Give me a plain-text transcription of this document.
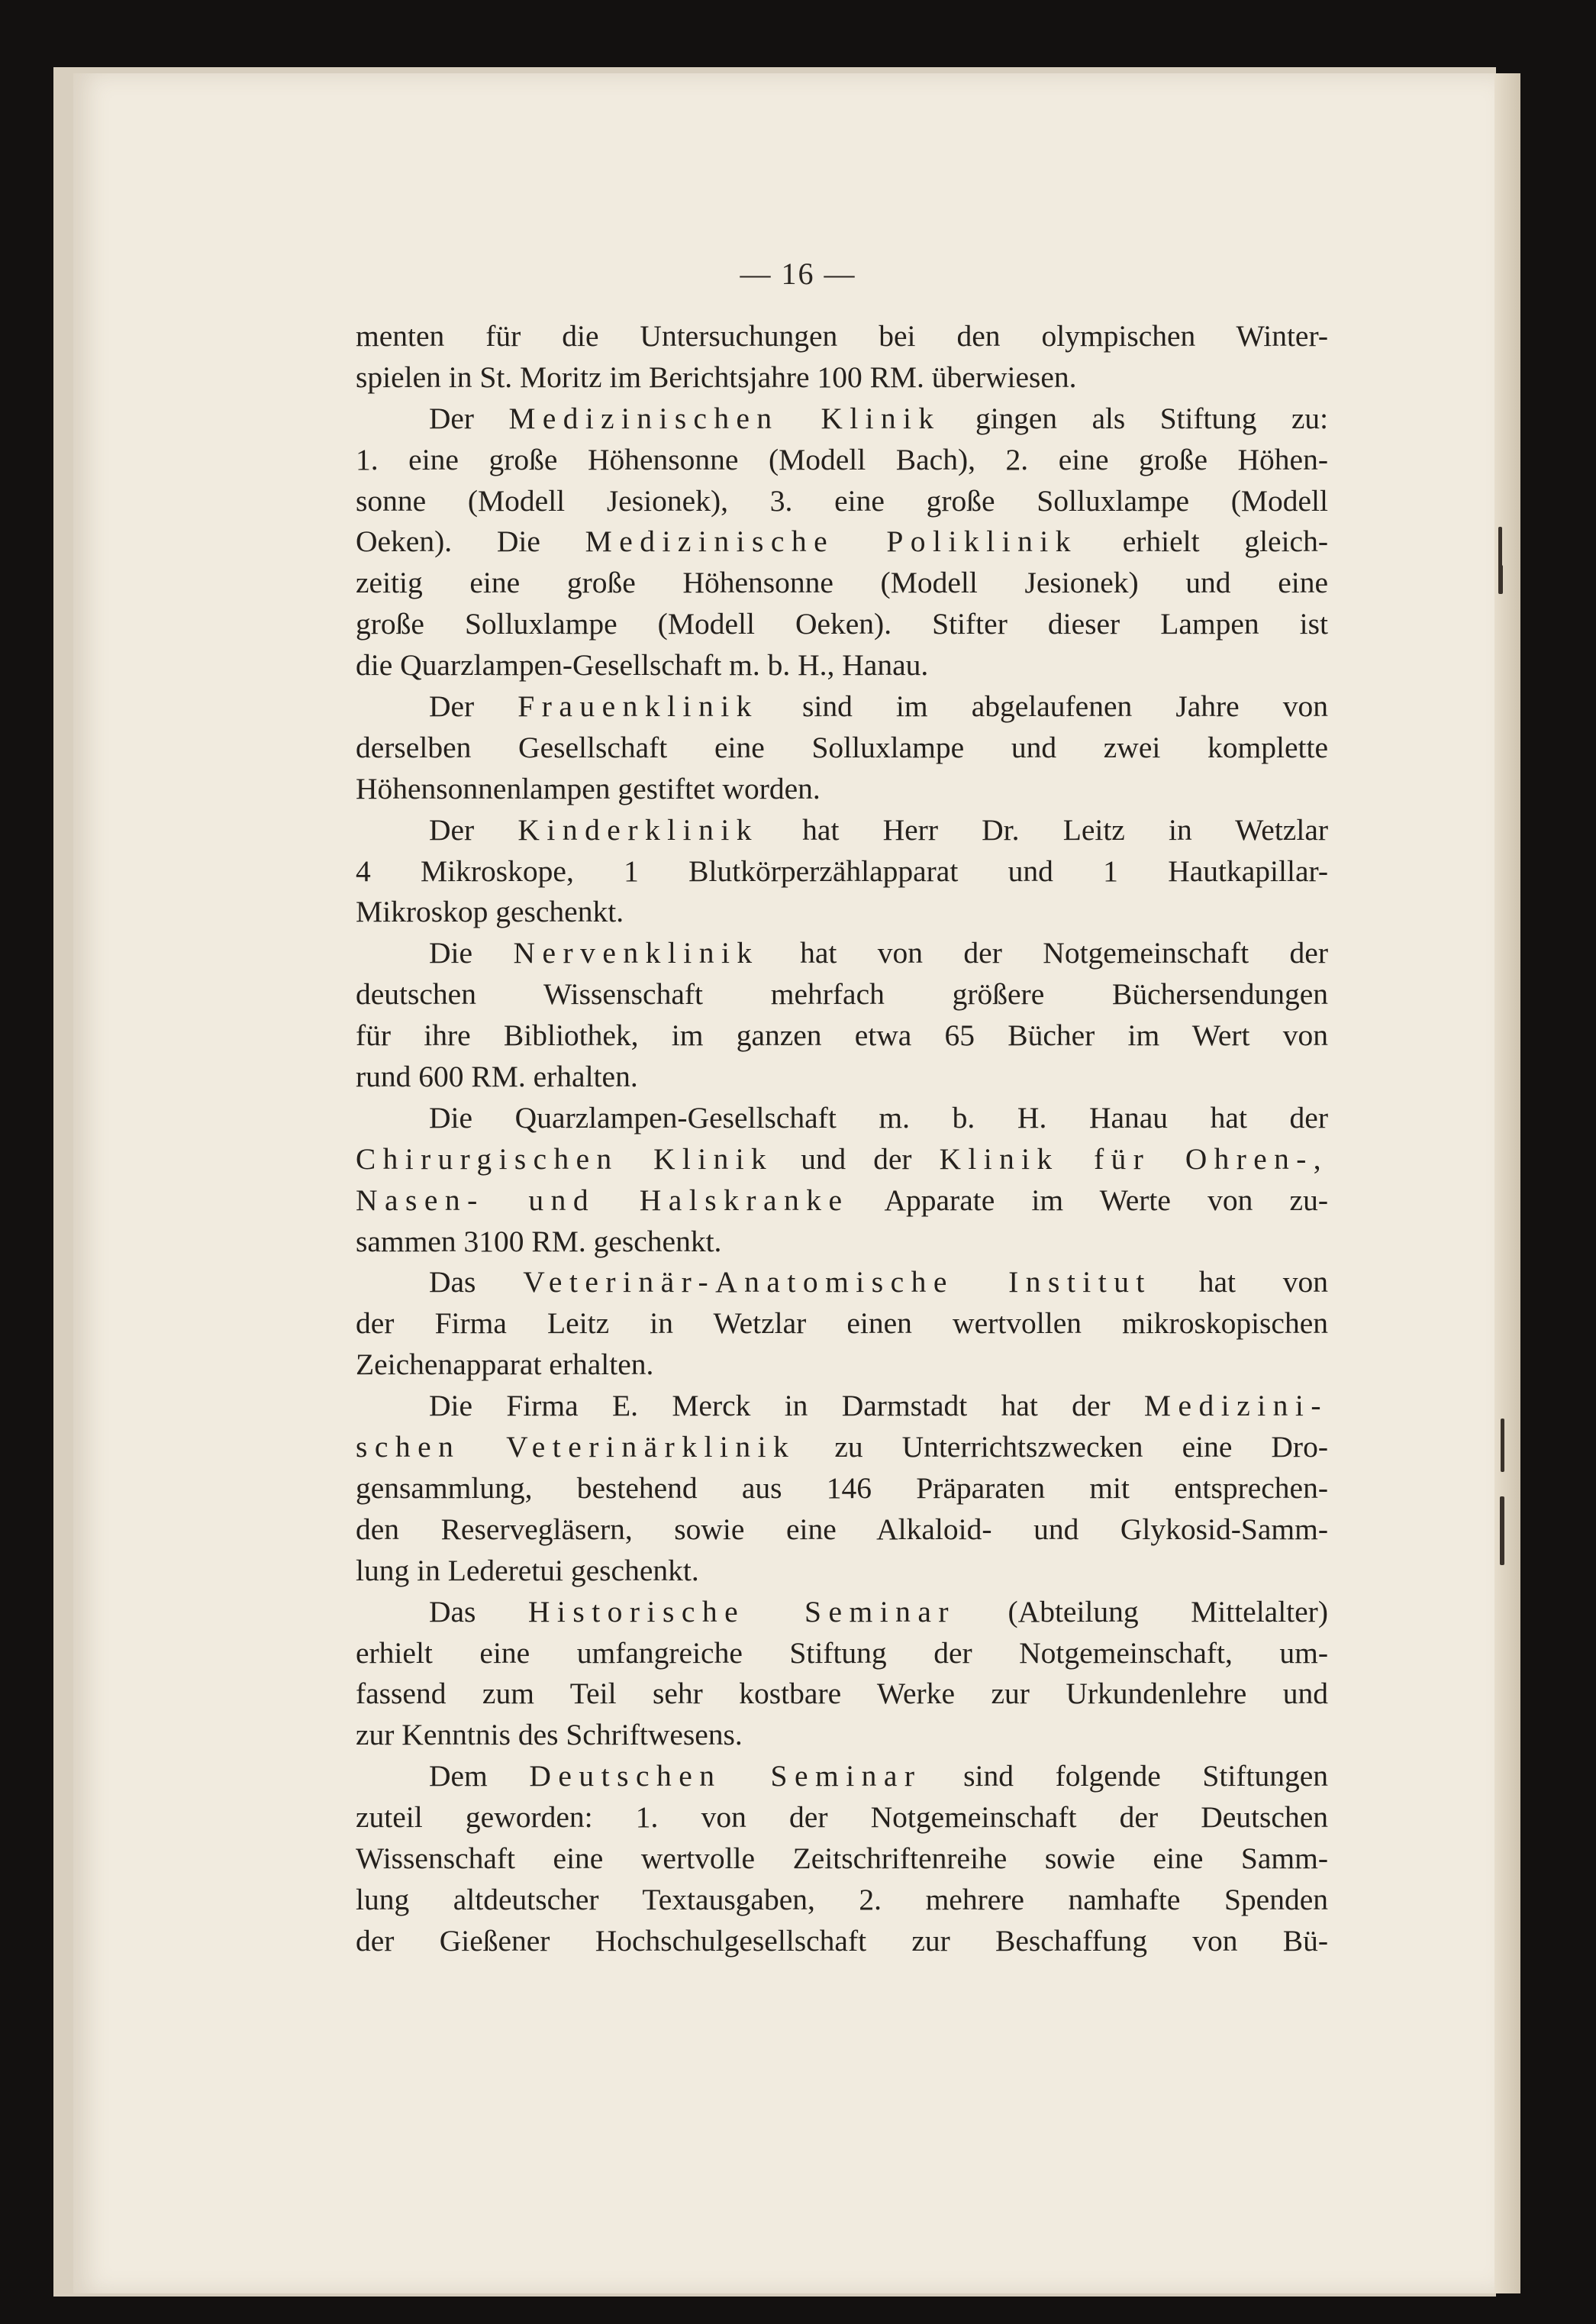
— 16 —
menten für die Untersuchungen bei den olympischen Winter-
spielen in St. Moritz im Berichtsjahre 100 RM. überwiesen.
Der Medizinischen Klinik gingen als Stiftung zu:
1. eine große Höhensonne (Modell Bach), 2. eine große Höhen-
sonne (Modell Jesionek), 3. eine große Solluxlampe (Modell
Oeken). Die Medizinische Poliklinik erhielt gleich-
zeitig eine große Höhensonne (Modell Jesionek) und eine
große Solluxlampe (Modell Oeken). Stifter dieser Lampen ist
die Quarzlampen-Gesellschaft m. b. H., Hanau.
Der Frauenklinik sind im abgelaufenen Jahre von
derselben Gesellschaft eine Solluxlampe und zwei komplette
Höhensonnenlampen gestiftet worden.
Der Kinderklinik hat Herr Dr. Leitz in Wetzlar
4 Mikroskope, 1 Blutkörperzählapparat und 1 Hautkapillar-
Mikroskop geschenkt.
Die Nervenklinik hat von der Notgemeinschaft der
deutschen Wissenschaft mehrfach größere Büchersendungen
für ihre Bibliothek, im ganzen etwa 65 Bücher im Wert von
rund 600 RM. erhalten.
Die Quarzlampen-Gesellschaft m. b. H. Hanau hat der
Chirurgischen Klinik und der Klinik für Ohren-,
Nasen- und Halskranke Apparate im Werte von zu-
sammen 3100 RM. geschenkt.
Das Veterinär-Anatomische Institut hat von
der Firma Leitz in Wetzlar einen wertvollen mikroskopischen
Zeichenapparat erhalten.
Die Firma E. Merck in Darmstadt hat der Medizini-
schen Veterinärklinik zu Unterrichtszwecken eine Dro-
gensammlung, bestehend aus 146 Präparaten mit entsprechen-
den Reservegläsern, sowie eine Alkaloid- und Glykosid-Samm-
lung in Lederetui geschenkt.
Das Historische Seminar (Abteilung Mittelalter)
erhielt eine umfangreiche Stiftung der Notgemeinschaft, um-
fassend zum Teil sehr kostbare Werke zur Urkundenlehre und
zur Kenntnis des Schriftwesens.
Dem Deutschen Seminar sind folgende Stiftungen
zuteil geworden: 1. von der Notgemeinschaft der Deutschen
Wissenschaft eine wertvolle Zeitschriftenreihe sowie eine Samm-
lung altdeutscher Textausgaben, 2. mehrere namhafte Spenden
der Gießener Hochschulgesellschaft zur Beschaffung von Bü-
